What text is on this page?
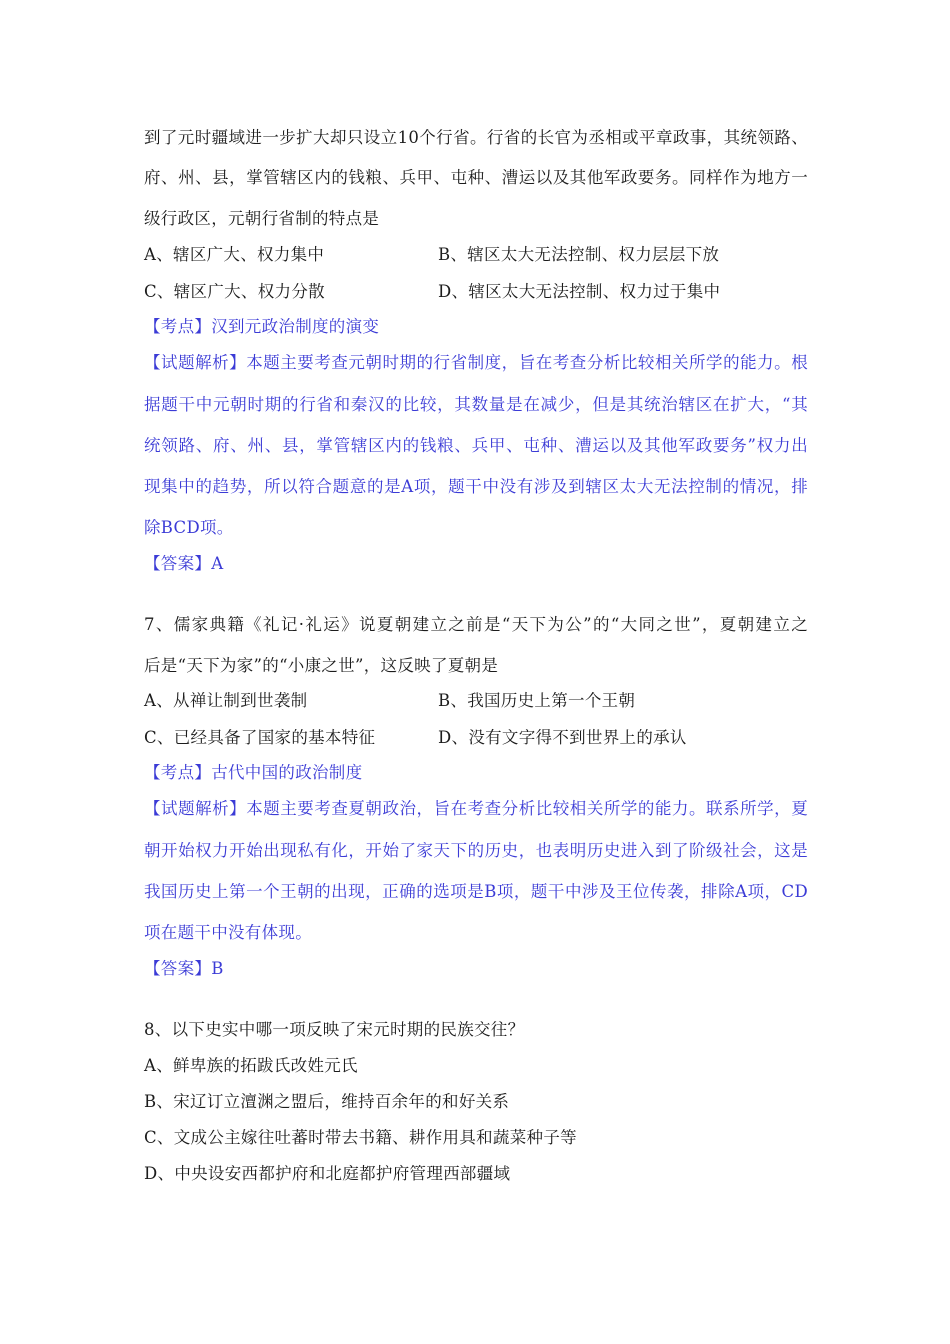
到了元时疆域进一步扩大却只设立10个行省。行省的长官为丞相或平章政事，其统领路、
府、州、县，掌管辖区内的钱粮、兵甲、屯种、漕运以及其他军政要务。同样作为地方一
级行政区，元朝行省制的特点是
A、辖区广大、权力集中	B、辖区太大无法控制、权力层层下放
C、辖区广大、权力分散	D、辖区太大无法控制、权力过于集中
【考点】汉到元政治制度的演变
【试题解析】本题主要考查元朝时期的行省制度，旨在考查分析比较相关所学的能力。根
据题干中元朝时期的行省和秦汉的比较，其数量是在减少，但是其统治辖区在扩大，“其
统领路、府、州、县，掌管辖区内的钱粮、兵甲、屯种、漕运以及其他军政要务”权力出
现集中的趋势，所以符合题意的是A项，题干中没有涉及到辖区太大无法控制的情况，排
除BCD项。
【答案】A
7、儒家典籍《礼记·礼运》说夏朝建立之前是“天下为公”的“大同之世”，夏朝建立之
后是“天下为家”的“小康之世”，这反映了夏朝是
A、从禅让制到世袭制	B、我国历史上第一个王朝
C、已经具备了国家的基本特征	D、没有文字得不到世界上的承认
【考点】古代中国的政治制度
【试题解析】本题主要考查夏朝政治，旨在考查分析比较相关所学的能力。联系所学，夏
朝开始权力开始出现私有化，开始了家天下的历史，也表明历史进入到了阶级社会，这是
我国历史上第一个王朝的出现，正确的选项是B项，题干中涉及王位传袭，排除A项，CD
项在题干中没有体现。
【答案】B
8、以下史实中哪一项反映了宋元时期的民族交往？
A、鲜卑族的拓跋氏改姓元氏
B、宋辽订立澶渊之盟后，维持百余年的和好关系
C、文成公主嫁往吐蕃时带去书籍、耕作用具和蔬菜种子等
D、中央设安西都护府和北庭都护府管理西部疆域
